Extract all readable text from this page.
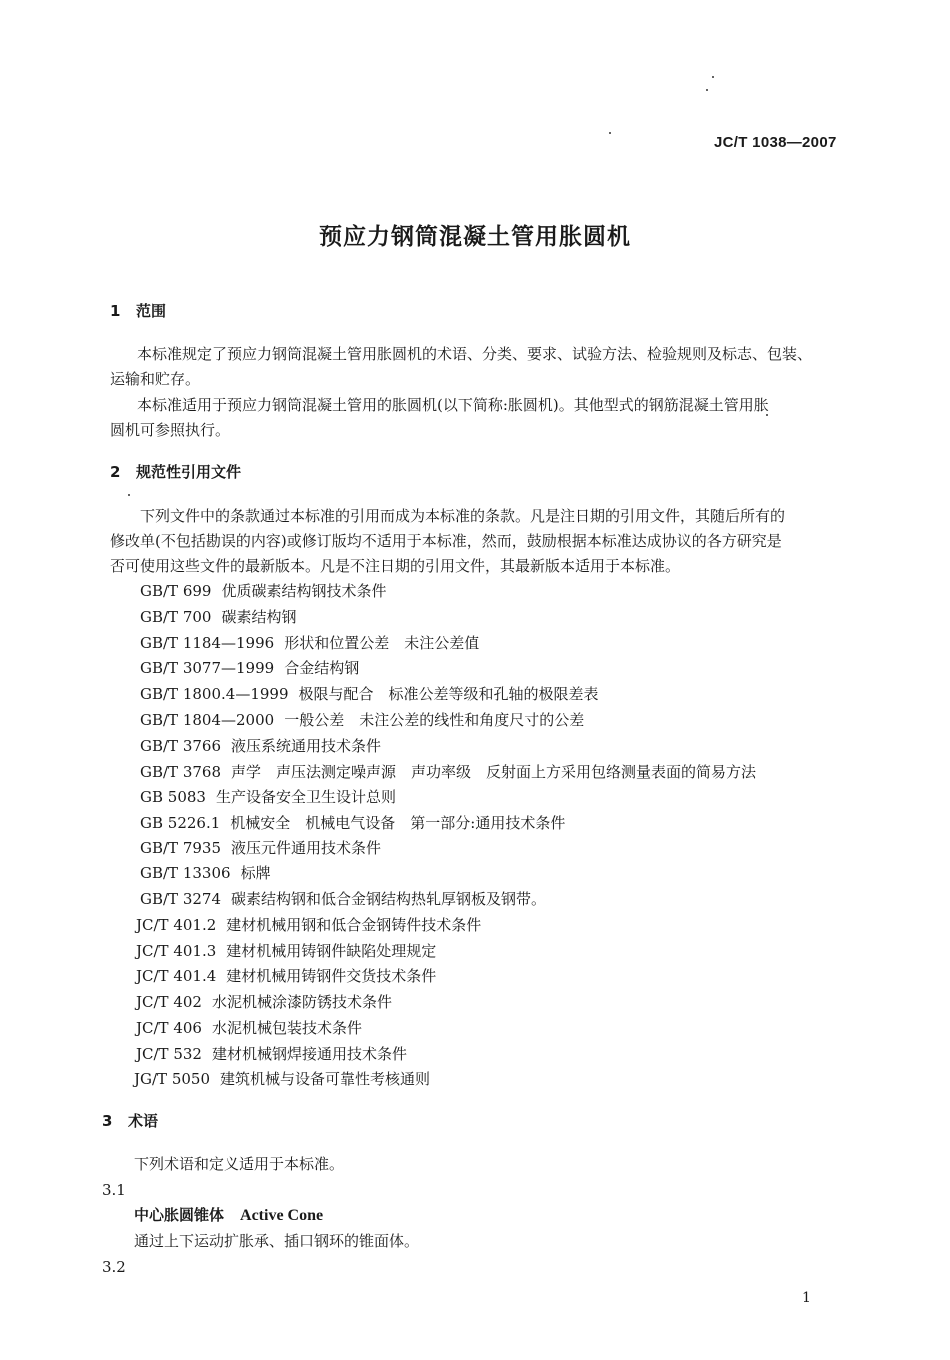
JC/T 1038—2007
预应力钢筒混凝土管用胀圆机
1 范围
本标准规定了预应力钢筒混凝土管用胀圆机的术语、分类、要求、试验方法、检验规则及标志、包装、
运输和贮存。
本标准适用于预应力钢筒混凝土管用的胀圆机(以下简称:胀圆机)。其他型式的钢筋混凝土管用胀
圆机可参照执行。
2 规范性引用文件
下列文件中的条款通过本标准的引用而成为本标准的条款。凡是注日期的引用文件，其随后所有的
修改单(不包括勘误的内容)或修订版均不适用于本标准，然而，鼓励根据本标准达成协议的各方研究是
否可使用这些文件的最新版本。凡是不注日期的引用文件，其最新版本适用于本标准。
GB/T 699 优质碳素结构钢技术条件
GB/T 700 碳素结构钢
GB/T 1184—1996 形状和位置公差　未注公差值
GB/T 3077—1999 合金结构钢
GB/T 1800.4—1999 极限与配合　标准公差等级和孔轴的极限差表
GB/T 1804—2000 一般公差　未注公差的线性和角度尺寸的公差
GB/T 3766 液压系统通用技术条件
GB/T 3768 声学　声压法测定噪声源　声功率级　反射面上方采用包络测量表面的简易方法
GB 5083 生产设备安全卫生设计总则
GB 5226.1 机械安全　机械电气设备　第一部分:通用技术条件
GB/T 7935 液压元件通用技术条件
GB/T 13306 标牌
GB/T 3274 碳素结构钢和低合金钢结构热轧厚钢板及钢带。
JC/T 401.2 建材机械用钢和低合金钢铸件技术条件
JC/T 401.3 建材机械用铸钢件缺陷处理规定
JC/T 401.4 建材机械用铸钢件交货技术条件
JC/T 402 水泥机械涂漆防锈技术条件
JC/T 406 水泥机械包装技术条件
JC/T 532 建材机械钢焊接通用技术条件
JG/T 5050 建筑机械与设备可靠性考核通则
3 术语
下列术语和定义适用于本标准。
3.1
中心胀圆锥体 Active Cone
通过上下运动扩胀承、插口钢环的锥面体。
3.2
1
